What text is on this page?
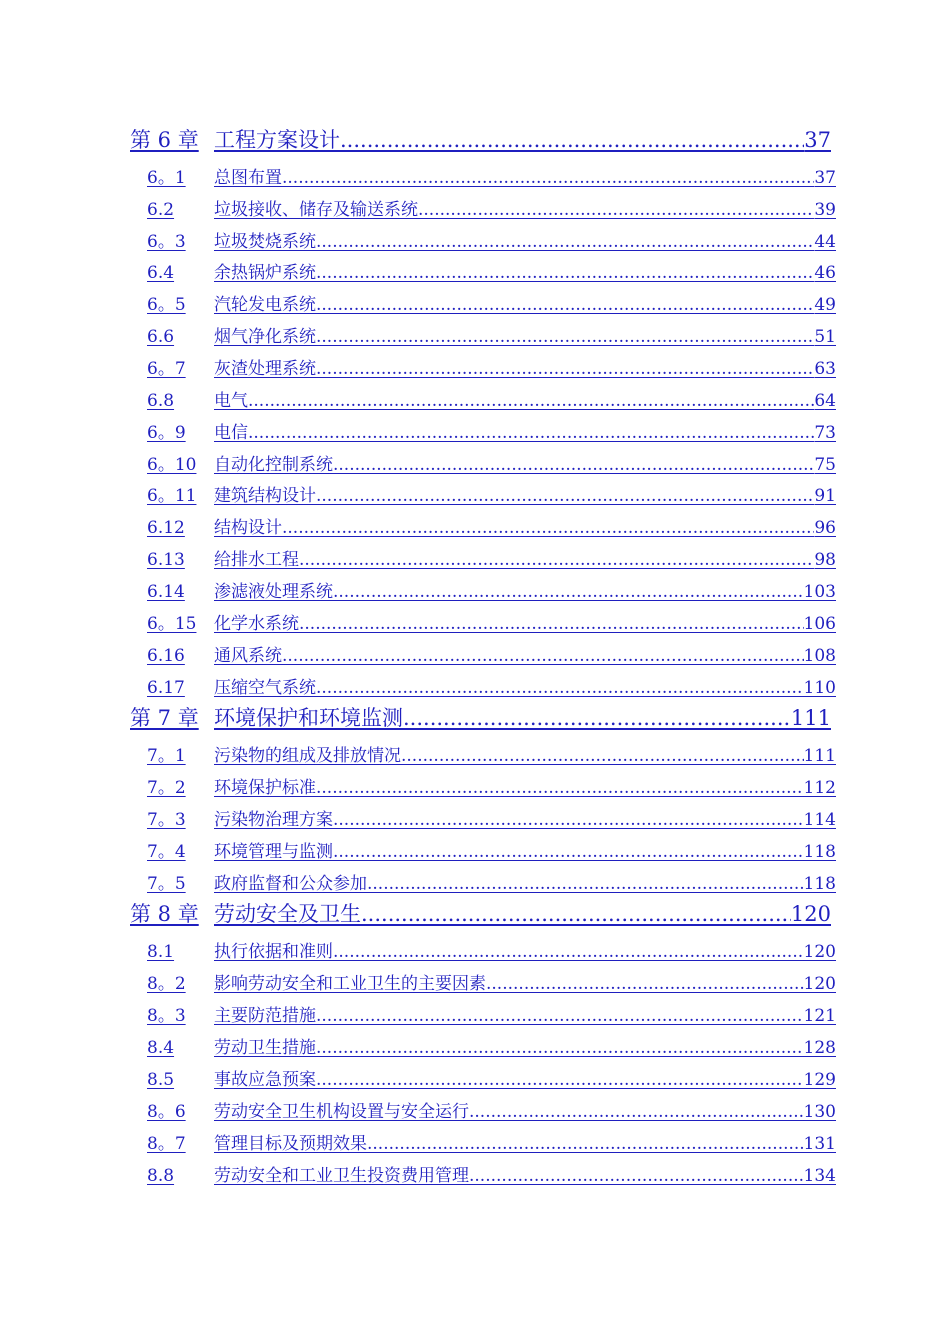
第 6 章 工程方案设计 .....	37
6。1	总图布置 .....	37
6.2	垃圾接收、储存及输送系统 .....	39
6。3	垃圾焚烧系统 .....	44
6.4	余热锅炉系统 .....	46
6。5	汽轮发电系统 .....	49
6.6	烟气净化系统 .....	51
6。7	灰渣处理系统 .....	63
6.8	电气 .....	64
6。9	电信 .....	73
6。10	自动化控制系统 .....	75
6。11	建筑结构设计 .....	91
6.12	结构设计 .....	96
6.13	给排水工程 .....	98
6.14	渗滤液处理系统 .....	103
6。15	化学水系统 .....	106
6.16	通风系统 .....	108
6.17	压缩空气系统 .....	110
第 7 章 环境保护和环境监测 .....	111
7。1	污染物的组成及排放情况 .....	111
7。2	环境保护标准 .....	112
7。3	污染物治理方案 .....	114
7。4	环境管理与监测 .....	118
7。5	政府监督和公众参加 .....	118
第 8 章 劳动安全及卫生 .....	120
8.1	执行依据和准则 .....	120
8。2	影响劳动安全和工业卫生的主要因素 .....	120
8。3	主要防范措施 .....	121
8.4	劳动卫生措施 .....	128
8.5	事故应急预案 .....	129
8。6	劳动安全卫生机构设置与安全运行 .....	130
8。7	管理目标及预期效果 .....	131
8.8	劳动安全和工业卫生投资费用管理 .....	134
